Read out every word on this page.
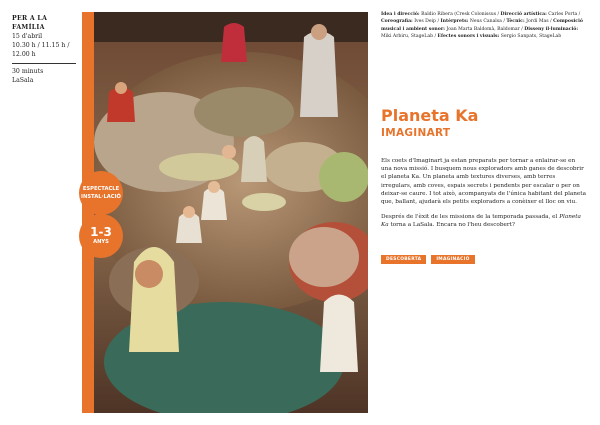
PER A LA FAMÍLIA
15 d'abril
10.30 h / 11.15 h / 12.00 h
30 minuts
LaSala
ESPECTACLE
INSTAL·LACIÓ
1-3
ANYS
Idea i direcció: Baldio Ribera (Cresk Colonissus / Direcció artística: Carles Porta / Coreografia: Ives Deip / Intèrprets: Neus Canalsa / Tècnic: Jordi Mas / Composició musical i ambient sonor: Joan Marta Baldomà, Baldomar / Disseny il·luminació: Miki Arbiru, StageLab / Efectes sonors i visuals: Sergio Sanpats, StageLab
Planeta Ka
IMAGINART

Els coets d'Imaginart ja estan preparats per tornar a enlairar-se en una nova missió. I busquem nous exploradors amb ganes de descobrir el planeta Ka. Un planeta amb textures diverses, amb terres irregulars, amb coves, espais secrets i pendents per escalar o per on deixar-se caure. I tot això, acompanyats de l'única habitant del planeta que, ballant, ajudarà els petits exploradors a conèixer el lloc on viu.

Després de l'èxit de les missions de la temporada passada, el Planeta Ka torna a LaSala. Encara no l'heu descobert?

DESCOBERTA	IMAGINACIÓ
